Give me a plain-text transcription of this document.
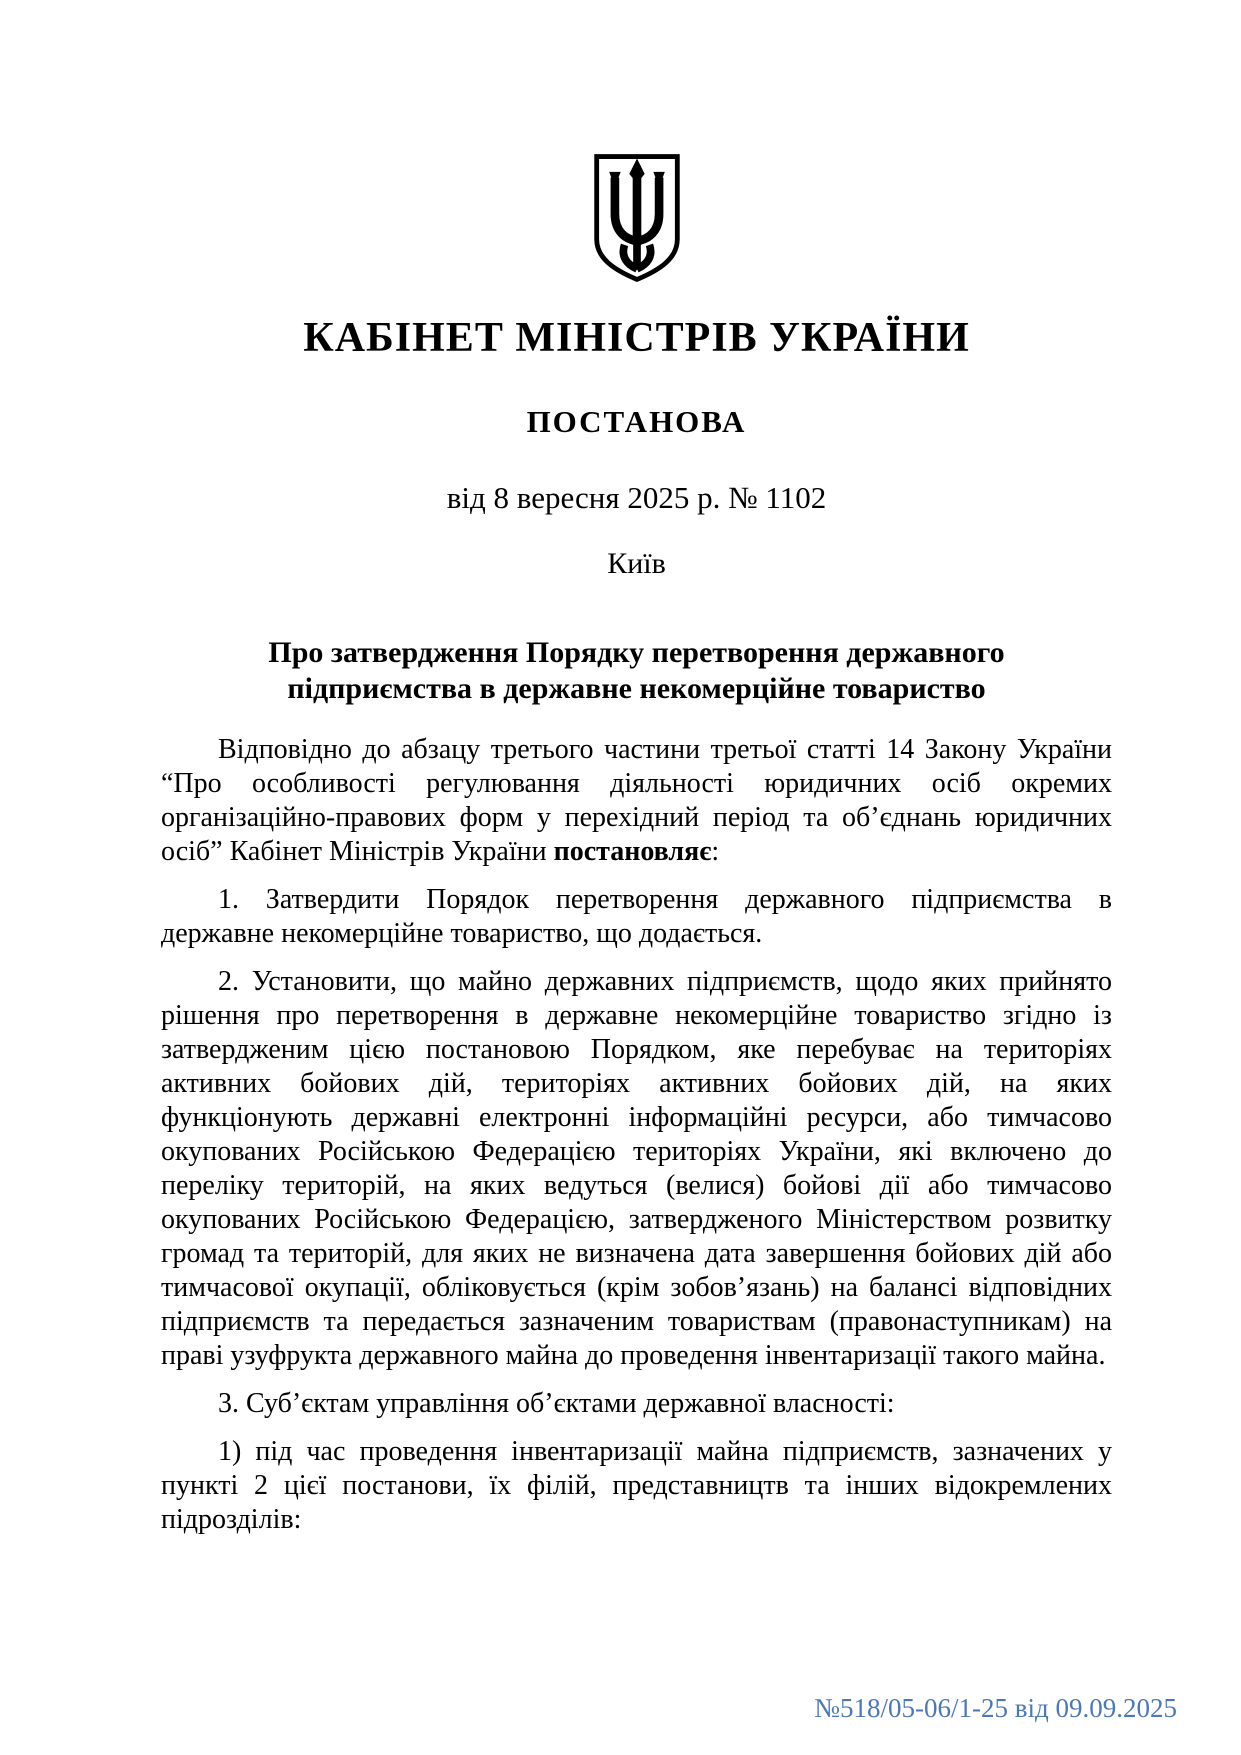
КАБІНЕТ МІНІСТРІВ УКРАЇНИ
ПОСТАНОВА
від 8 вересня 2025 р. № 1102
Київ
Про затвердження Порядку перетворення державного
підприємства в державне некомерційне товариство

Відповідно до абзацу третього частини третьої статті 14 Закону України “Про особливості регулювання діяльності юридичних осіб окремих організаційно-правових форм у перехідний період та об’єднань юридичних осіб” Кабінет Міністрів України постановляє:

1. Затвердити Порядок перетворення державного підприємства в державне некомерційне товариство, що додається.

2. Установити, що майно державних підприємств, щодо яких прийнято рішення про перетворення в державне некомерційне товариство згідно із затвердженим цією постановою Порядком, яке перебуває на територіях активних бойових дій, територіях активних бойових дій, на яких функціонують державні електронні інформаційні ресурси, або тимчасово окупованих Російською Федерацією територіях України, які включено до переліку територій, на яких ведуться (велися) бойові дії або тимчасово окупованих Російською Федерацією, затвердженого Міністерством розвитку громад та територій, для яких не визначена дата завершення бойових дій або тимчасової окупації, обліковується (крім зобов’язань) на балансі відповідних підприємств та передається зазначеним товариствам (правонаступникам) на праві узуфрукта державного майна до проведення інвентаризації такого майна.

3. Суб’єктам управління об’єктами державної власності:

1) під час проведення інвентаризації майна підприємств, зазначених у пункті 2 цієї постанови, їх філій, представництв та інших відокремлених підрозділів:

№518/05-06/1-25 від 09.09.2025
